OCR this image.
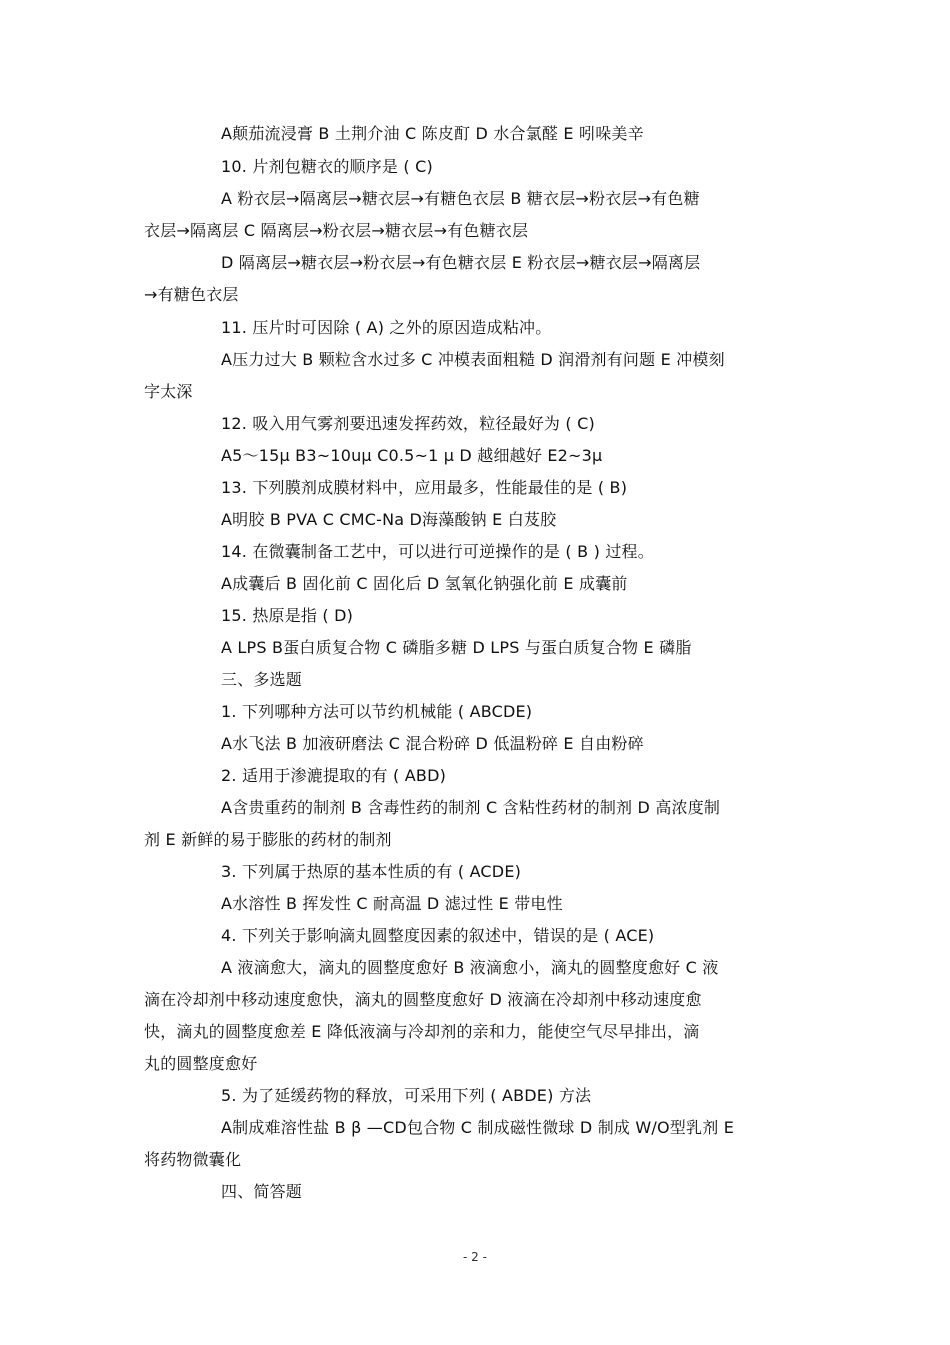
A颠茄流浸膏 B 土荆介油 C 陈皮酊 D 水合氯醛 E 吲哚美辛
10. 片剂包糖衣的顺序是 ( C)
A 粉衣层→隔离层→糖衣层→有糖色衣层 B 糖衣层→粉衣层→有色糖
衣层→隔离层 C 隔离层→粉衣层→糖衣层→有色糖衣层
D 隔离层→糖衣层→粉衣层→有色糖衣层 E 粉衣层→糖衣层→隔离层
→有糖色衣层
11. 压片时可因除 ( A) 之外的原因造成粘冲。
A压力过大 B 颗粒含水过多 C 冲模表面粗糙 D 润滑剂有问题 E 冲模刻
字太深
12. 吸入用气雾剂要迅速发挥药效，粒径最好为 ( C)
A5～15μ B3~10uμ C0.5~1 μ D 越细越好 E2~3μ
13. 下列膜剂成膜材料中，应用最多，性能最佳的是 ( B)
A明胶 B PVA C CMC-Na D海藻酸钠 E 白芨胶
14. 在微囊制备工艺中，可以进行可逆操作的是 ( B ) 过程。
A成囊后 B 固化前 C 固化后 D 氢氧化钠强化前 E 成囊前
15. 热原是指 ( D)
A LPS B蛋白质复合物 C 磷脂多糖 D LPS 与蛋白质复合物 E 磷脂
三、多选题
1. 下列哪种方法可以节约机械能 ( ABCDE)
A水飞法 B 加液研磨法 C 混合粉碎 D 低温粉碎 E 自由粉碎
2. 适用于渗漉提取的有 ( ABD)
A含贵重药的制剂 B 含毒性药的制剂 C 含粘性药材的制剂 D 高浓度制
剂 E 新鲜的易于膨胀的药材的制剂
3. 下列属于热原的基本性质的有 ( ACDE)
A水溶性 B 挥发性 C 耐高温 D 滤过性 E 带电性
4. 下列关于影响滴丸圆整度因素的叙述中，错误的是 ( ACE)
A 液滴愈大，滴丸的圆整度愈好 B 液滴愈小，滴丸的圆整度愈好 C 液
滴在冷却剂中移动速度愈快，滴丸的圆整度愈好 D 液滴在冷却剂中移动速度愈
快，滴丸的圆整度愈差 E 降低液滴与冷却剂的亲和力，能使空气尽早排出，滴
丸的圆整度愈好
5. 为了延缓药物的释放，可采用下列 ( ABDE) 方法
A制成难溶性盐 B β —CD包合物 C 制成磁性微球 D 制成 W/O型乳剂 E
将药物微囊化
四、简答题
- 2 -
